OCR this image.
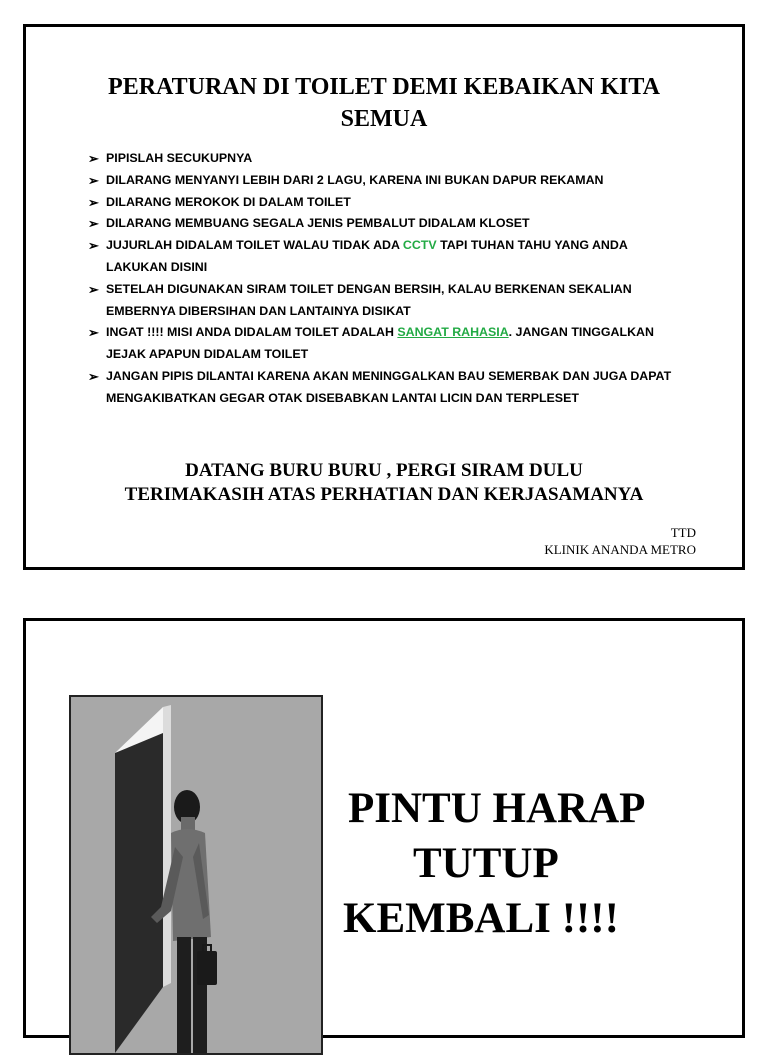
PERATURAN DI TOILET DEMI KEBAIKAN KITA
SEMUA
➢ PIPISLAH SECUKUPNYA
➢ DILARANG MENYANYI LEBIH DARI 2 LAGU, KARENA INI BUKAN DAPUR REKAMAN
➢ DILARANG MEROKOK DI DALAM TOILET
➢ DILARANG MEMBUANG SEGALA JENIS PEMBALUT DIDALAM KLOSET
➢ JUJURLAH DIDALAM TOILET WALAU TIDAK ADA CCTV TAPI TUHAN TAHU YANG ANDA
LAKUKAN DISINI
➢ SETELAH DIGUNAKAN SIRAM TOILET DENGAN BERSIH, KALAU BERKENAN SEKALIAN
EMBERNYA DIBERSIHAN DAN LANTAINYA DISIKAT
➢ INGAT !!!! MISI ANDA DIDALAM TOILET ADALAH SANGAT RAHASIA. JANGAN TINGGALKAN
JEJAK APAPUN DIDALAM TOILET
➢ JANGAN PIPIS DILANTAI KARENA AKAN MENINGGALKAN BAU SEMERBAK DAN JUGA DAPAT
MENGAKIBATKAN GEGAR OTAK DISEBABKAN LANTAI LICIN DAN TERPLESET
DATANG BURU BURU , PERGI SIRAM DULU
TERIMAKASIH ATAS PERHATIAN DAN KERJASAMANYA
TTD
KLINIK ANANDA METRO
PINTU HARAP
TUTUP
KEMBALI !!!!
